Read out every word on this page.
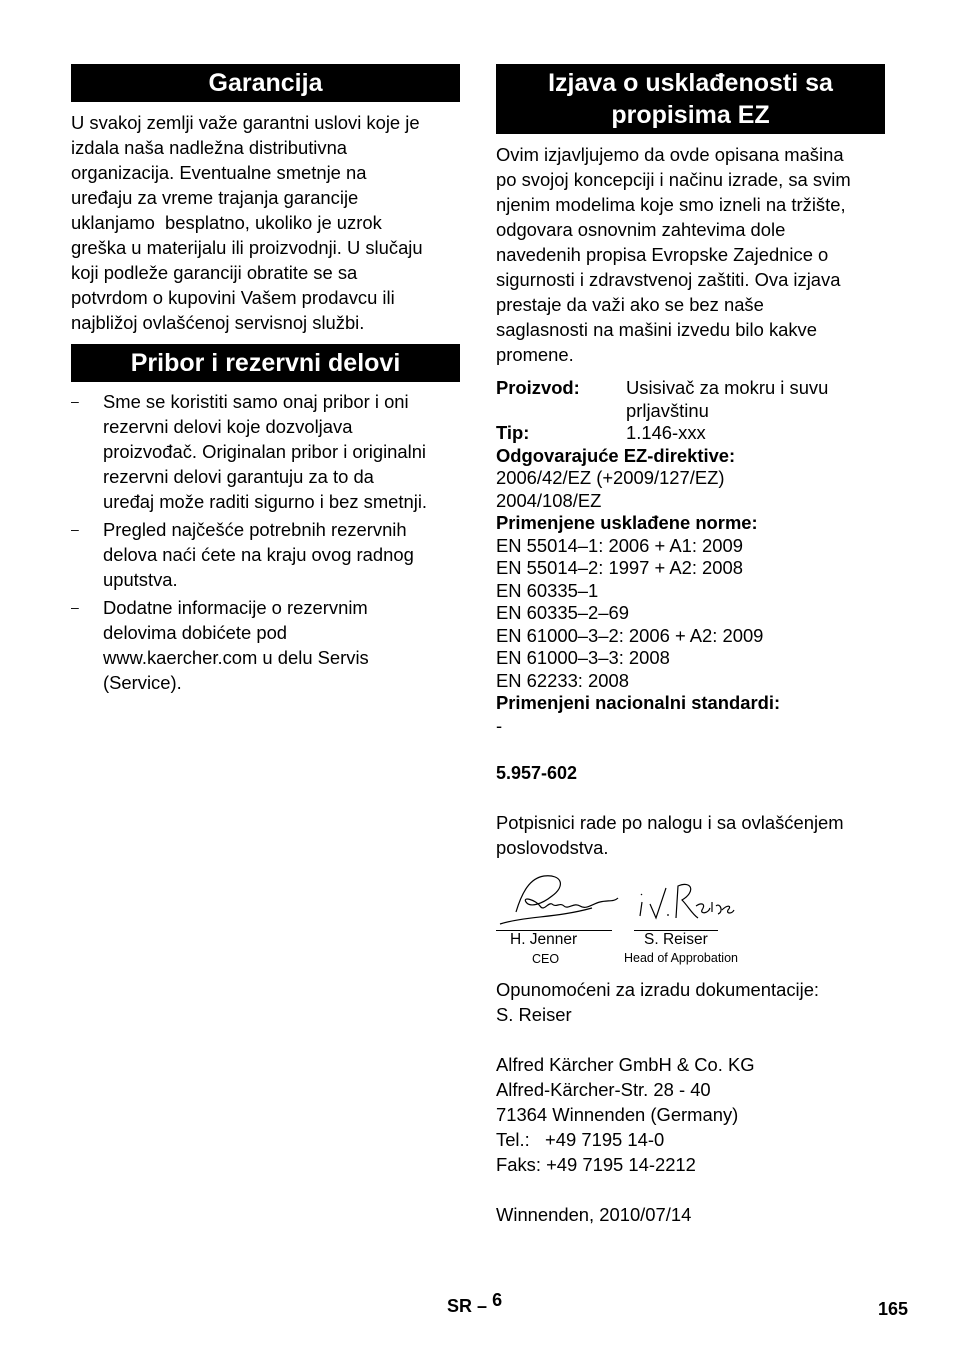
Garancija

U svakoj zemlji važe garantni uslovi koje je

izdala naša nadležna distributivna

organizacija. Eventualne smetnje na

uređaju za vreme trajanja garancije

uklanjamo  besplatno, ukoliko je uzrok

greška u materijalu ili proizvodnji. U slučaju

koji podleže garanciji obratite se sa

potvrdom o kupovini Vašem prodavcu ili

najbližoj ovlašćenoj servisnoj službi.

Pribor i rezervni delovi
– Sme se koristiti samo onaj pribor i oni

rezervni delovi koje dozvoljava

proizvođač. Originalan pribor i originalni

rezervni delovi garantuju za to da

uređaj može raditi sigurno i bez smetnji.

– Pregled najčešće potrebnih rezervnih

delova naći ćete na kraju ovog radnog

uputstva.

– Dodatne informacije o rezervnim

delovima dobićete pod

www.kaercher.com u delu Servis

(Service).

Izjava o usklađenosti sa
propisima EZ

Ovim izjavljujemo da ovde opisana mašina

po svojoj koncepciji i načinu izrade, sa svim

njenim modelima koje smo izneli na tržište,

odgovara osnovnim zahtevima dole

navedenih propisa Evropske Zajednice o

sigurnosti i zdravstvenoj zaštiti. Ova izjava

prestaje da važi ako se bez naše

saglasnosti na mašini izvedu bilo kakve

promene.

Proizvod:	Usisivač za mokru i suvu
prljavštinu
Tip:	1.146-xxx
Odgovarajuće EZ-direktive:
2006/42/EZ (+2009/127/EZ)
2004/108/EZ
Primenjene usklađene norme:
EN 55014–1: 2006 + A1: 2009
EN 55014–2: 1997 + A2: 2008
EN 60335–1
EN 60335–2–69
EN 61000–3–2: 2006 + A2: 2009
EN 61000–3–3: 2008
EN 62233: 2008
Primenjeni nacionalni standardi:
-
5.957-602

Potpisnici rade po nalogu i sa ovlašćenjem

poslovodstva.

H. Jenner
CEO
S. Reiser
Head of Approbation

Opunomoćeni za izradu dokumentacije:

S. Reiser

Alfred Kärcher GmbH & Co. KG

Alfred-Kärcher-Str. 28 - 40

71364 Winnenden (Germany)

Tel.:   +49 7195 14-0

Faks: +49 7195 14-2212

Winnenden, 2010/07/14

SR – 6	165
